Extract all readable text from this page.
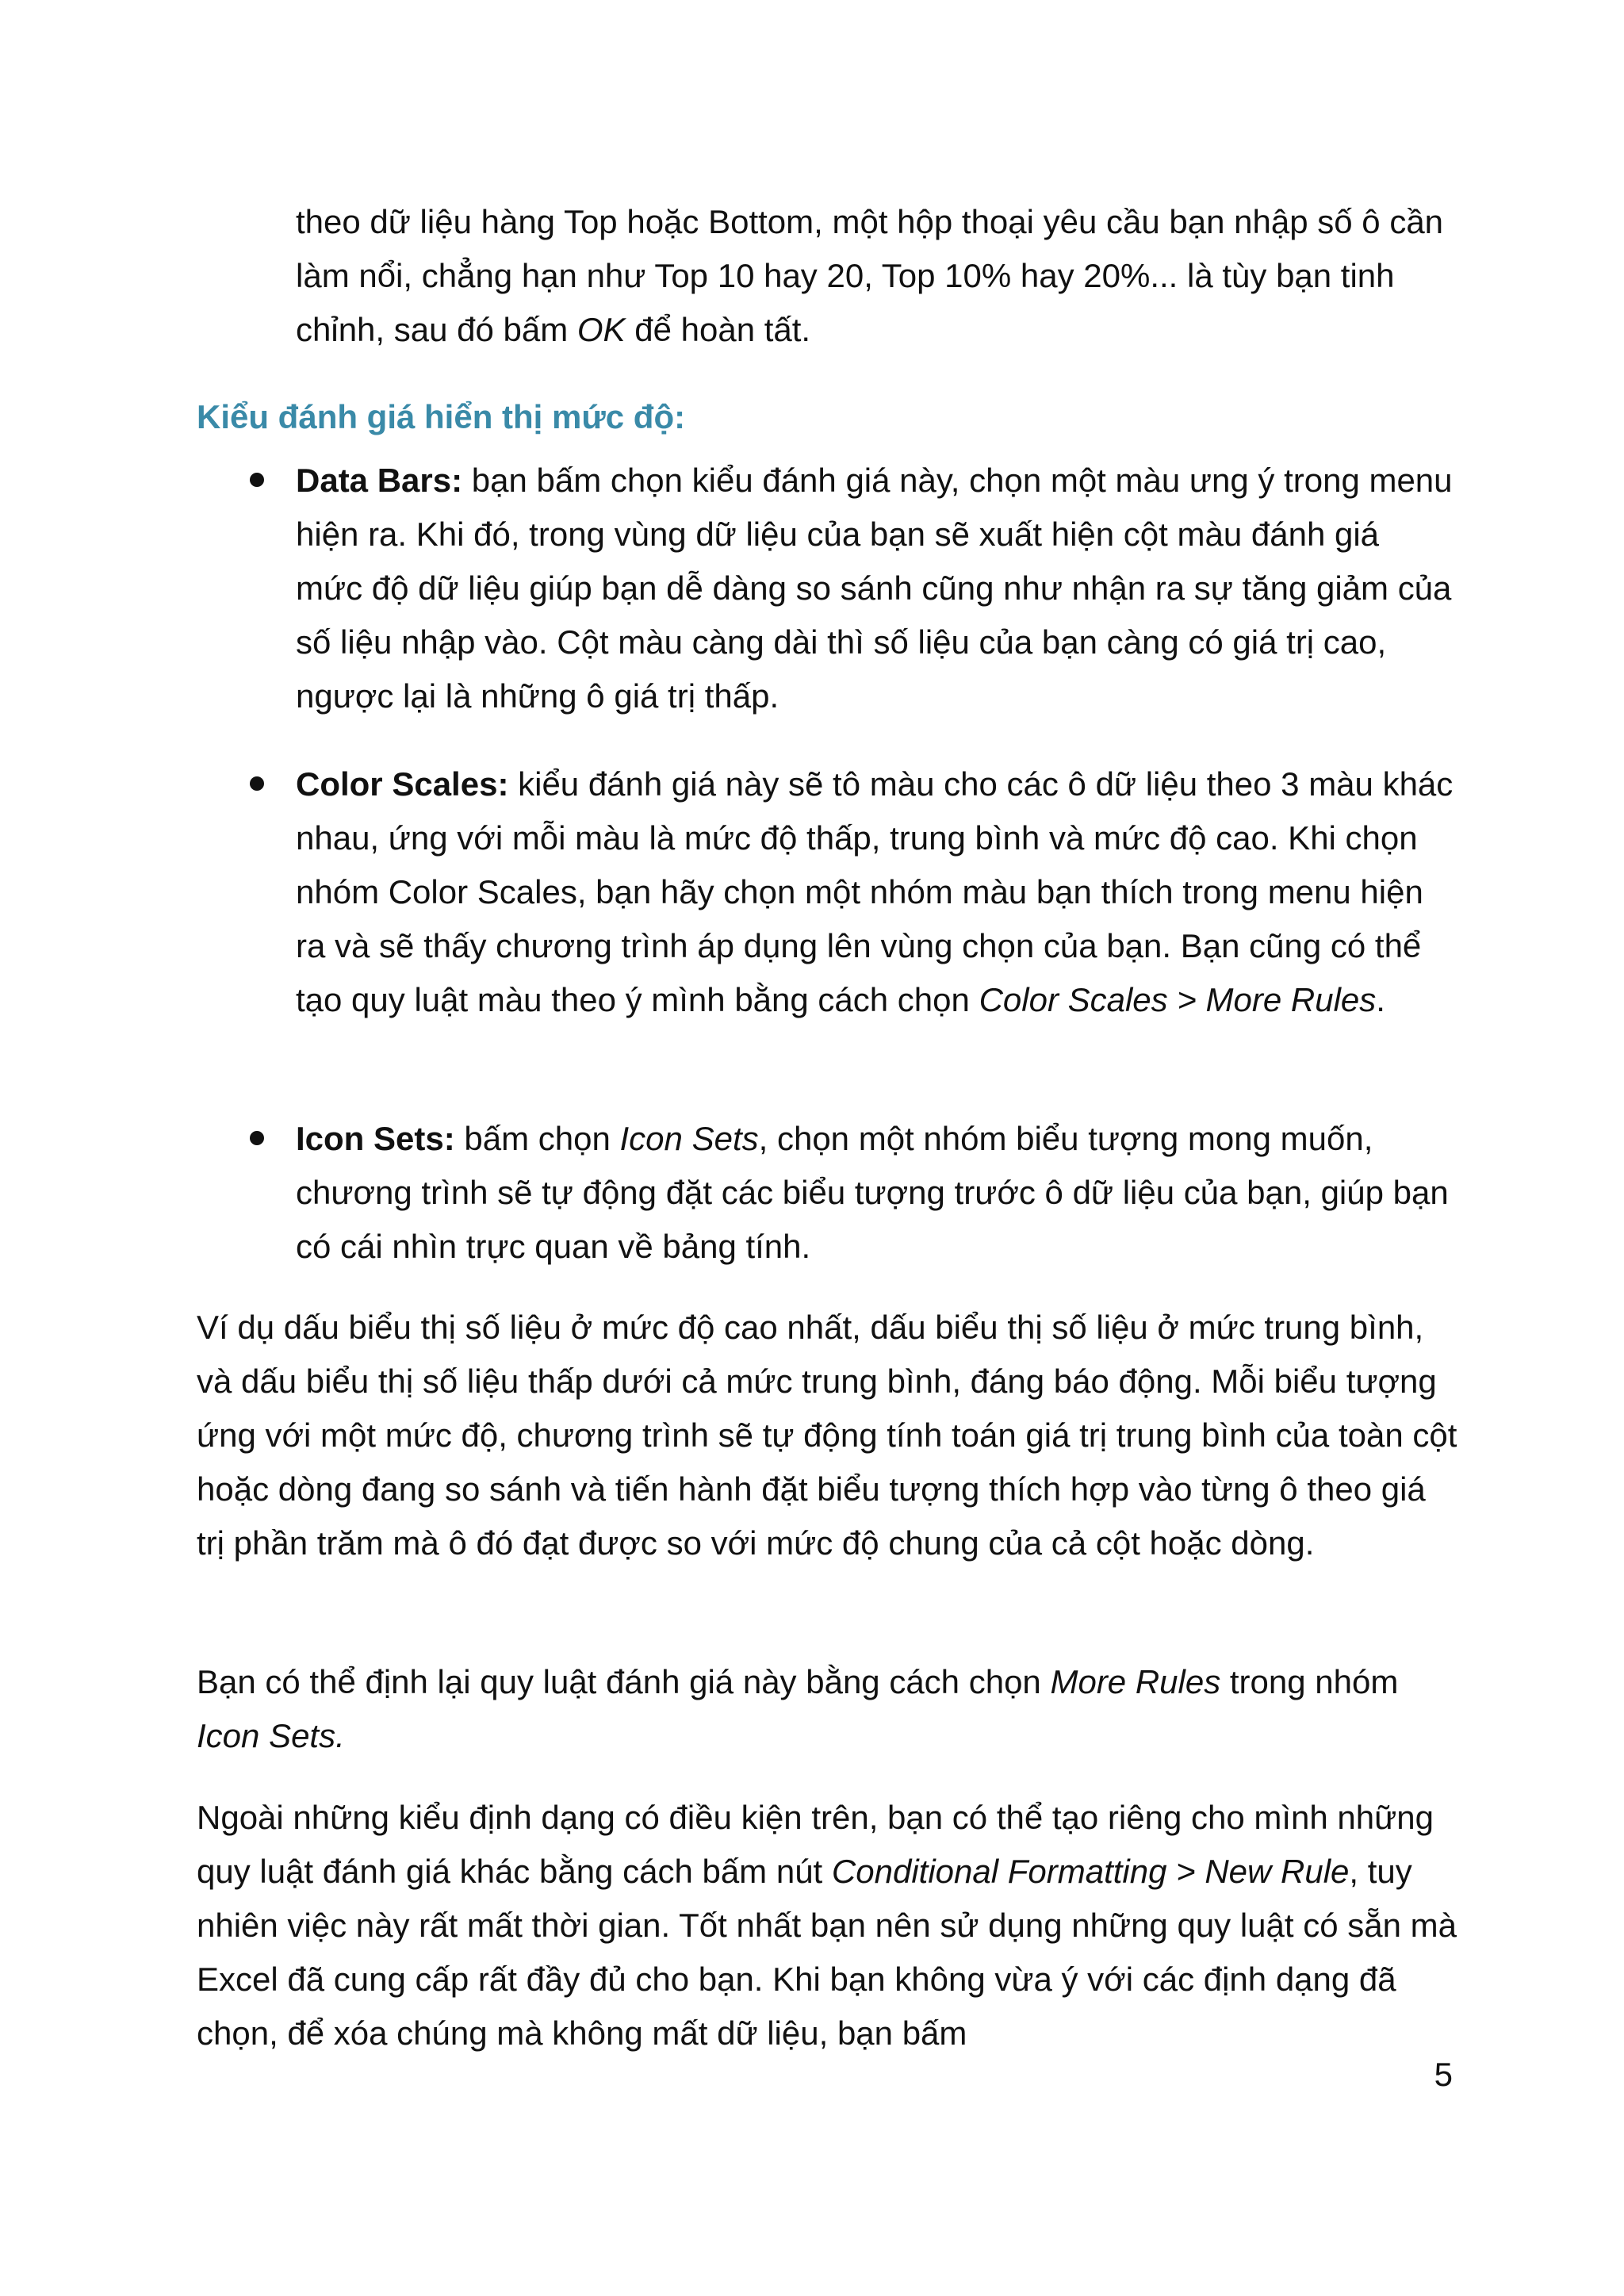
theo dữ liệu hàng Top hoặc Bottom, một hộp thoại yêu cầu bạn nhập số ô cần làm nổi, chẳng hạn như Top 10 hay 20, Top 10% hay 20%... là tùy bạn tinh chỉnh, sau đó bấm OK để hoàn tất.

Kiểu đánh giá hiển thị mức độ:

Data Bars: bạn bấm chọn kiểu đánh giá này, chọn một màu ưng ý trong menu hiện ra. Khi đó, trong vùng dữ liệu của bạn sẽ xuất hiện cột màu đánh giá mức độ dữ liệu giúp bạn dễ dàng so sánh cũng như nhận ra sự tăng giảm của số liệu nhập vào. Cột màu càng dài thì số liệu của bạn càng có giá trị cao, ngược lại là những ô giá trị thấp.
Color Scales: kiểu đánh giá này sẽ tô màu cho các ô dữ liệu theo 3 màu khác nhau, ứng với mỗi màu là mức độ thấp, trung bình và mức độ cao. Khi chọn nhóm Color Scales, bạn hãy chọn một nhóm màu bạn thích trong menu hiện ra và sẽ thấy chương trình áp dụng lên vùng chọn của bạn. Bạn cũng có thể tạo quy luật màu theo ý mình bằng cách chọn Color Scales > More Rules.
Icon Sets: bấm chọn Icon Sets, chọn một nhóm biểu tượng mong muốn, chương trình sẽ tự động đặt các biểu tượng trước ô dữ liệu của bạn, giúp bạn có cái nhìn trực quan về bảng tính.

Ví dụ dấu biểu thị số liệu ở mức độ cao nhất, dấu biểu thị số liệu ở mức trung bình, và dấu biểu thị số liệu thấp dưới cả mức trung bình, đáng báo động. Mỗi biểu tượng ứng với một mức độ, chương trình sẽ tự động tính toán giá trị trung bình của toàn cột hoặc dòng đang so sánh và tiến hành đặt biểu tượng thích hợp vào từng ô theo giá trị phần trăm mà ô đó đạt được so với mức độ chung của cả cột hoặc dòng.

Bạn có thể định lại quy luật đánh giá này bằng cách chọn More Rules trong nhóm Icon Sets.

Ngoài những kiểu định dạng có điều kiện trên, bạn có thể tạo riêng cho mình những quy luật đánh giá khác bằng cách bấm nút Conditional Formatting > New Rule, tuy nhiên việc này rất mất thời gian. Tốt nhất bạn nên sử dụng những quy luật có sẵn mà Excel đã cung cấp rất đầy đủ cho bạn. Khi bạn không vừa ý với các định dạng đã chọn, để xóa chúng mà không mất dữ liệu, bạn bấm

5
